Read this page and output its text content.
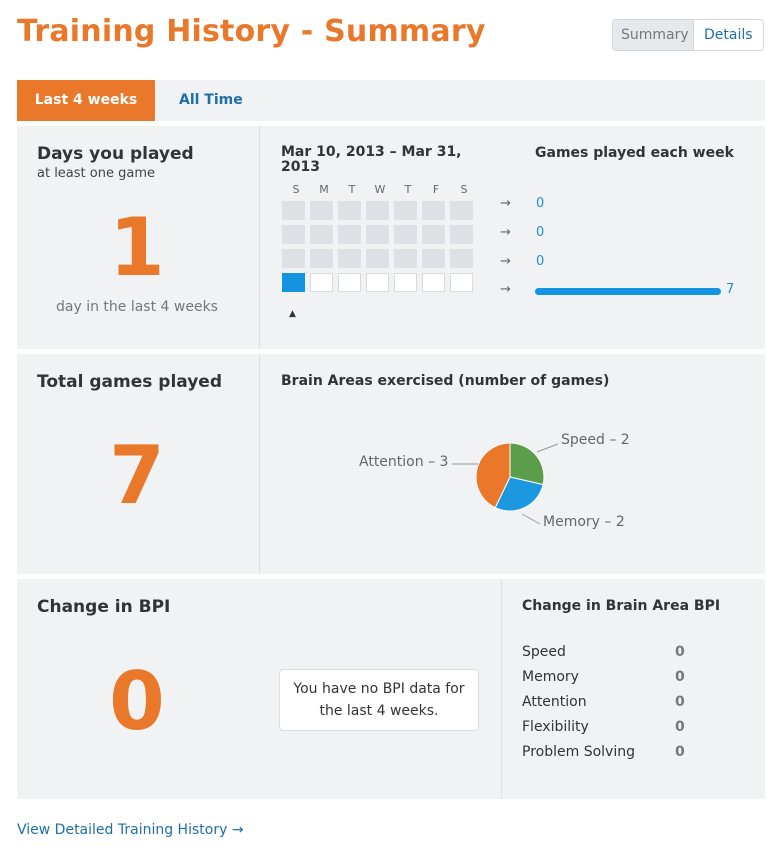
Training History - Summary	Summary	Details
Last 4 weeks	All Time
Days you played
at least one game
1
day in the last 4 weeks
Mar 10, 2013 – Mar 31, 2013
S	M	T	W	T	F	S
▲
Games played each week
→ 0
→ 0
→ 0
→	7
Total games played
7
Brain Areas exercised (number of games)
Speed – 2
Memory – 2
Attention – 3
Change in BPI
0	You have no BPI data for the last 4 weeks.
Change in Brain Area BPI
Speed	0
Memory	0
Attention	0
Flexibility	0
Problem Solving	0
View Detailed Training History →
